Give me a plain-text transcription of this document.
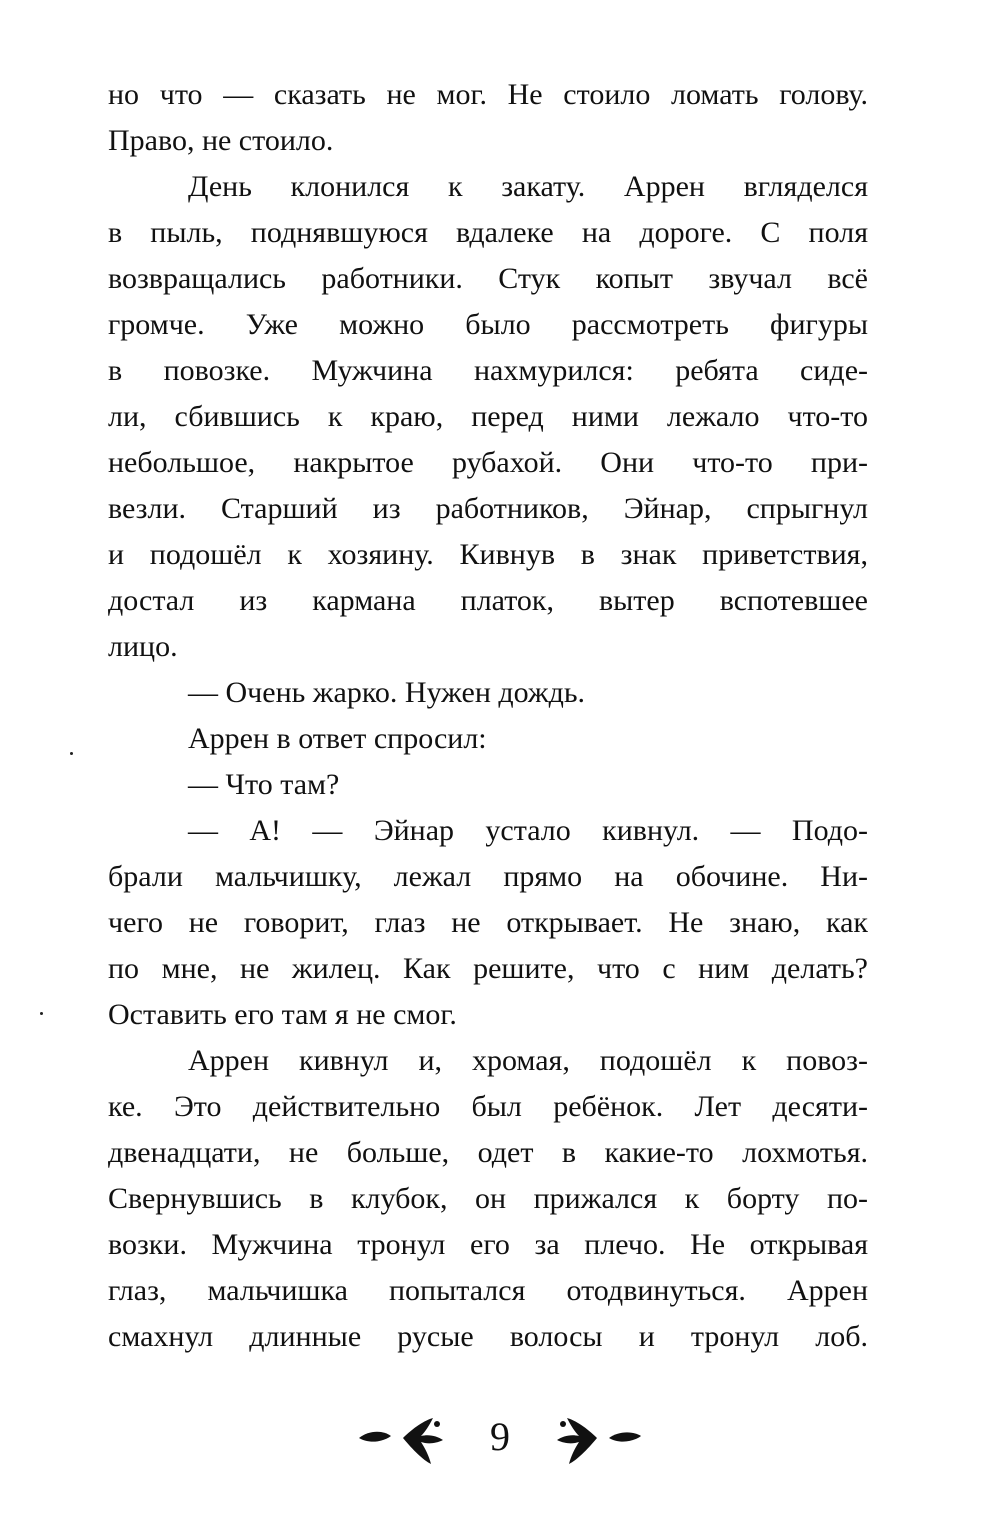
но что — сказать не мог. Не стоило ломать голову.
Право, не стоило.
День клонился к закату. Аррен вгляделся
в пыль, поднявшуюся вдалеке на дороге. С поля
возвращались работники. Стук копыт звучал всё
громче. Уже можно было рассмотреть фигуры
в повозке. Мужчина нахмурился: ребята сиде-
ли, сбившись к краю, перед ними лежало что-то
небольшое, накрытое рубахой. Они что-то при-
везли. Старший из работников, Эйнар, спрыгнул
и подошёл к хозяину. Кивнув в знак приветствия,
достал из кармана платок, вытер вспотевшее
лицо.
— Очень жарко. Нужен дождь.
Аррен в ответ спросил:
— Что там?
— А! — Эйнар устало кивнул. — Подо-
брали мальчишку, лежал прямо на обочине. Ни-
чего не говорит, глаз не открывает. Не знаю, как
по мне, не жилец. Как решите, что с ним делать?
Оставить его там я не смог.
Аррен кивнул и, хромая, подошёл к повоз-
ке. Это действительно был ребёнок. Лет десяти-
двенадцати, не больше, одет в какие-то лохмотья.
Свернувшись в клубок, он прижался к борту по-
возки. Мужчина тронул его за плечо. Не открывая
глаз, мальчишка попытался отодвинуться. Аррен
смахнул длинные русые волосы и тронул лоб.
9
